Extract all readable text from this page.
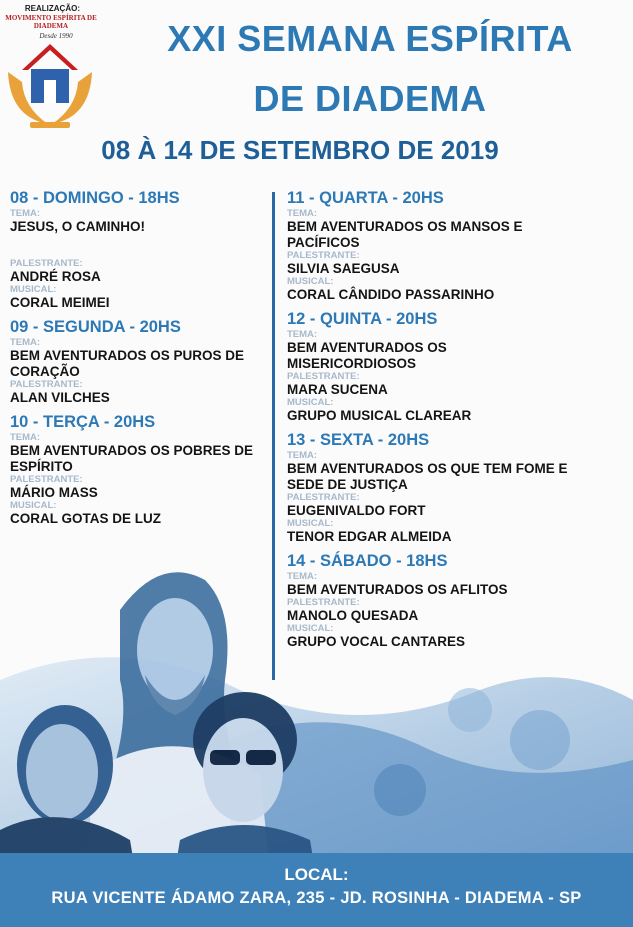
REALIZAÇÃO:
MOVIMENTO ESPÍRITA DE DIADEMA
Desde 1990	XXI SEMANA ESPÍRITA
DE DIADEMA
08 À 14 DE SETEMBRO DE 2019
08 - DOMINGO - 18HS
TEMA:
JESUS, O CAMINHO!
PALESTRANTE:
ANDRÉ ROSA
MUSICAL:
CORAL MEIMEI
09 - SEGUNDA - 20HS
TEMA:
BEM AVENTURADOS OS PUROS DE CORAÇÃO
PALESTRANTE:
ALAN VILCHES
10 - TERÇA - 20HS
TEMA:
BEM AVENTURADOS OS POBRES DE ESPÍRITO
PALESTRANTE:
MÁRIO MASS
MUSICAL:
CORAL GOTAS DE LUZ
11 - QUARTA - 20HS
TEMA:
BEM AVENTURADOS OS MANSOS E PACÍFICOS
PALESTRANTE:
SILVIA SAEGUSA
MUSICAL:
CORAL CÂNDIDO PASSARINHO
12 - QUINTA - 20HS
TEMA:
BEM AVENTURADOS OS MISERICORDIOSOS
PALESTRANTE:
MARA SUCENA
MUSICAL:
GRUPO MUSICAL CLAREAR
13 - SEXTA - 20HS
TEMA:
BEM AVENTURADOS OS QUE TEM FOME E SEDE DE JUSTIÇA
PALESTRANTE:
EUGENIVALDO FORT
MUSICAL:
TENOR EDGAR ALMEIDA
14 - SÁBADO - 18HS
TEMA:
BEM AVENTURADOS OS AFLITOS
PALESTRANTE:
MANOLO QUESADA
MUSICAL:
GRUPO VOCAL CANTARES
LOCAL:
RUA VICENTE ÁDAMO ZARA, 235 - JD. ROSINHA - DIADEMA - SP
